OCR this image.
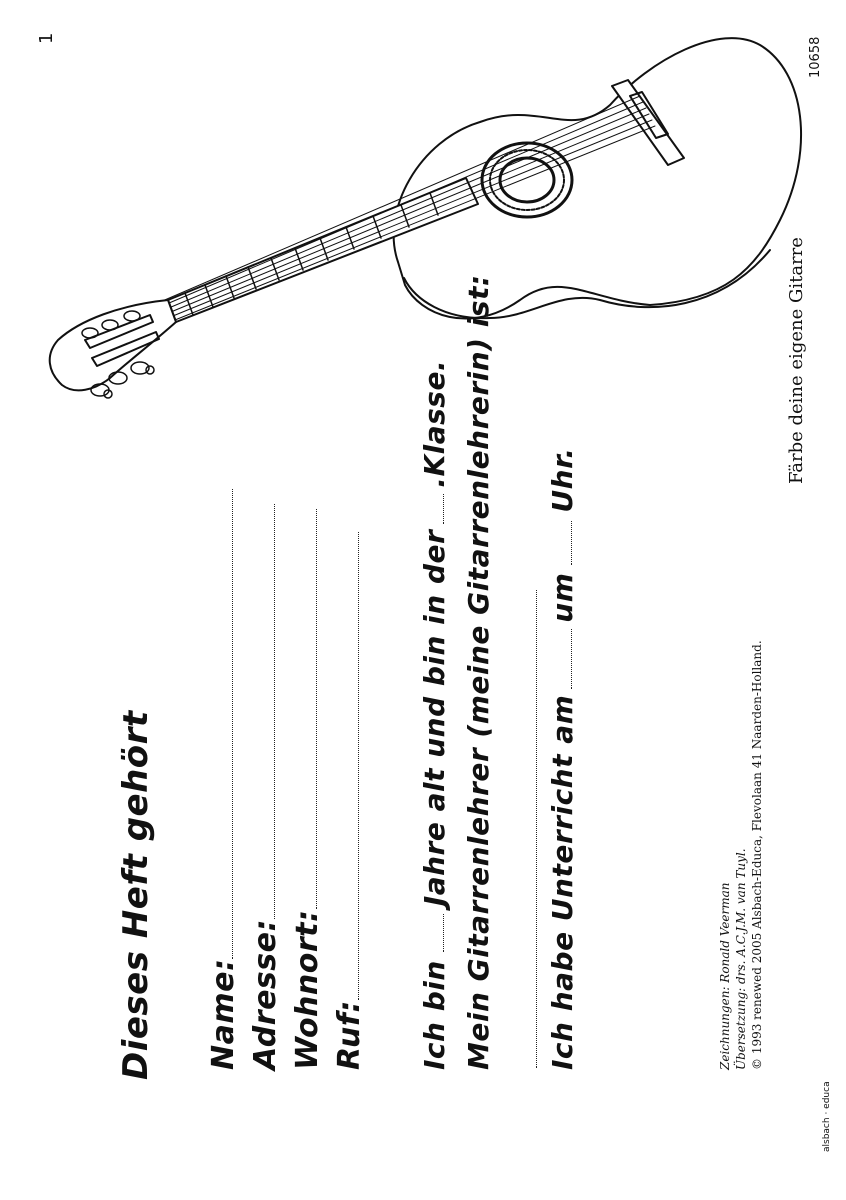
1	10658
alsbach · educa
Dieses Heft gehört Name: Adresse: Wohnort: Ruf: Ich bin
Jahre alt und bin in der
.Klasse. Mein Gitarrenlehrer (meine Gitarrenlehrerin) ist: Ich habe Unterricht am
um
Uhr.
Zeichnungen: Ronald Veerman Übersetzung: drs. A.C.J.M. van Tuyl. © 1993 renewed 2005 Alsbach-Educa, Flevolaan 41 Naarden-Holland.
Färbe deine eigene Gitarre
